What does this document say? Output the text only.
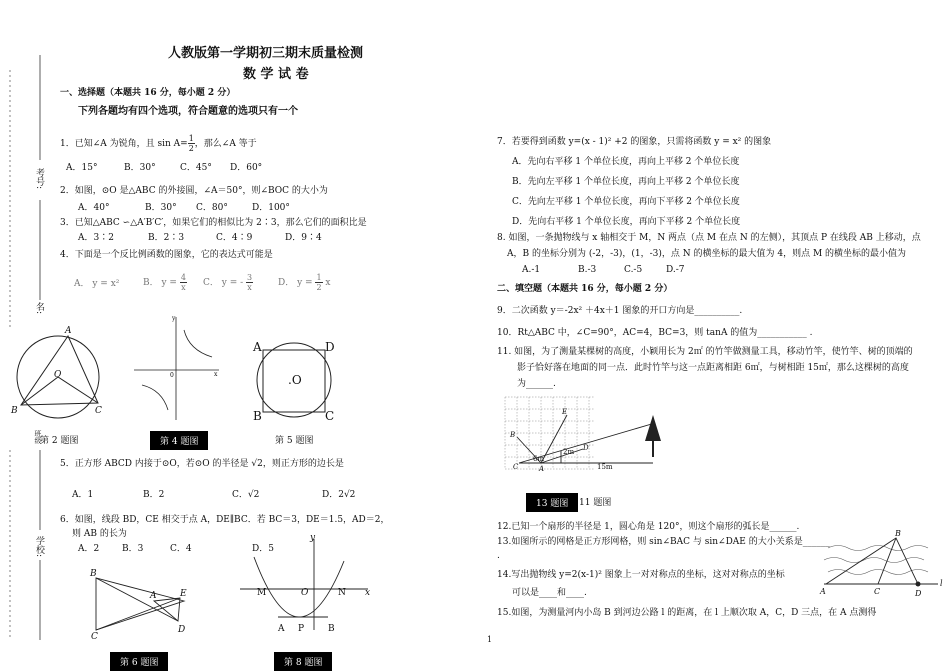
人教版第一学期初三期末质量检测
数 学 试 卷
考号:
名:
班级
学校:
一、选择题（本题共 16 分，每小题 2 分）
下列各题均有四个选项，符合题意的选项只有一个
1．已知∠A 为锐角，且 $\sin A= \frac{1}{2}$ ，那么∠A 等于
A．15°	B．30°	C．45° D．60°
2．如图，⊙O 是△ABC 的外接圆，∠A＝50°，则∠BOC 的大小为
A．40°	B．30° C．80°	D．100°
3．已知△ABC ∽△A′B′C′，如果它们的相似比为 2∶3，那么它们的面积比是
A．3∶2	B．2∶3	C．4∶9	D．9∶4
4．下面是一个反比例函数的图象，它的表达式可能是
A． y = x²	B． $y = \frac{4}{x}$ C． y = - $\frac{3}{x}$	D． $y = \frac{1}{2}$ x
A
O
B	C
y
0	x
A	D
B	C
.O
第 2 题图	第 4 题图	第 5 题图
5．正方形 ABCD 内接于⊙O，若⊙O 的半径是 √2，则正方形的边长是
A．1	B．2	C．√2	D．2√2
6．如图，线段 BD，CE 相交于点 A，DE∥BC．若 BC＝3，DE＝1.5，AD＝2，
则 AB 的长为
A．2	B．3	C．4	D．5
B
A	E
C
D
y
M	O	N x
A P	B
第 6 题图	第 8 题图
7．若要得到函数 y=(x - 1)² +2 的图象，只需将函数 y = x² 的图象
A．先向右平移 1 个单位长度，再向上平移 2 个单位长度
B．先向左平移 1 个单位长度，再向上平移 2 个单位长度
C．先向左平移 1 个单位长度，再向下平移 2 个单位长度
D．先向右平移 1 个单位长度，再向下平移 2 个单位长度
8. 如图，一条抛物线与 x 轴相交于 M，N 两点（点 M 在点 N 的左侧），其顶点 P 在线段 AB 上移动，点
A，B 的坐标分别为 (-2，-3)，(1，-3)，点 N 的横坐标的最大值为 4，则点 M 的横坐标的最小值为
A.-1	B.-3	C.-5	D.-7
二、填空题（本题共 16 分，每小题 2 分）
9．二次函数 y＝-2x² ＋4x＋1 图象的开口方向是__________.
10．Rt△ABC 中，∠C=90°，AC=4，BC=3，则 tanA 的值为___________ .
11. 如图，为了测量某棵树的高度，小颖用长为 2㎡ 的竹竿做测量工具，移动竹竿，使竹竿、树的顶端的
影子恰好落在地面的同一点．此时竹竿与这一点距离相距 6㎡，与树相距 15㎡，那么这棵树的高度
为______.
E
B
D
C	A
2m
6m
15m
13 题图	11 题图
12.已知一个扇形的半径是 1，圆心角是 120°，则这个扇形的弧长是______.
13.如图所示的网格是正方形网格，则 sin∠BAC 与 sin∠DAE 的大小关系是______
.
14.写出抛物线 y=2(x-1)² 图象上一对对称点的坐标，这对对称点的坐标
可以是____和____.
15.如图，为测量河内小岛 B 到河边公路 l 的距离，在 l 上顺次取 A，C，D 三点，在 A 点测得
B
A	C	D
l
1
